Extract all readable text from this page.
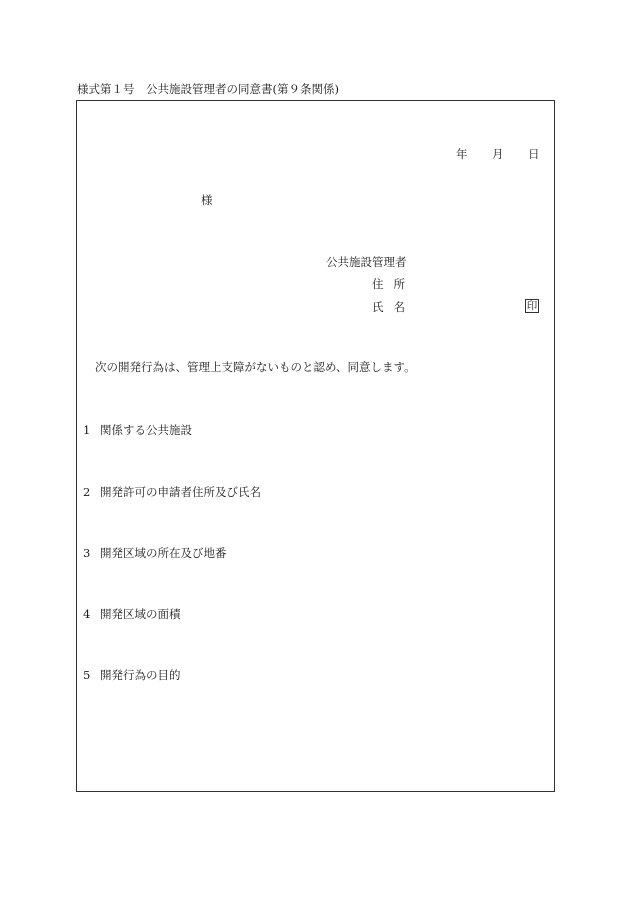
様式第１号　公共施設管理者の同意書(第９条関係)
年 月 日
様
公共施設管理者
住所
氏名	印
次の開発行為は、管理上支障がないものと認め、同意します。
1 関係する公共施設
2 開発許可の申請者住所及び氏名
3 開発区域の所在及び地番
4 開発区域の面積
5 開発行為の目的
